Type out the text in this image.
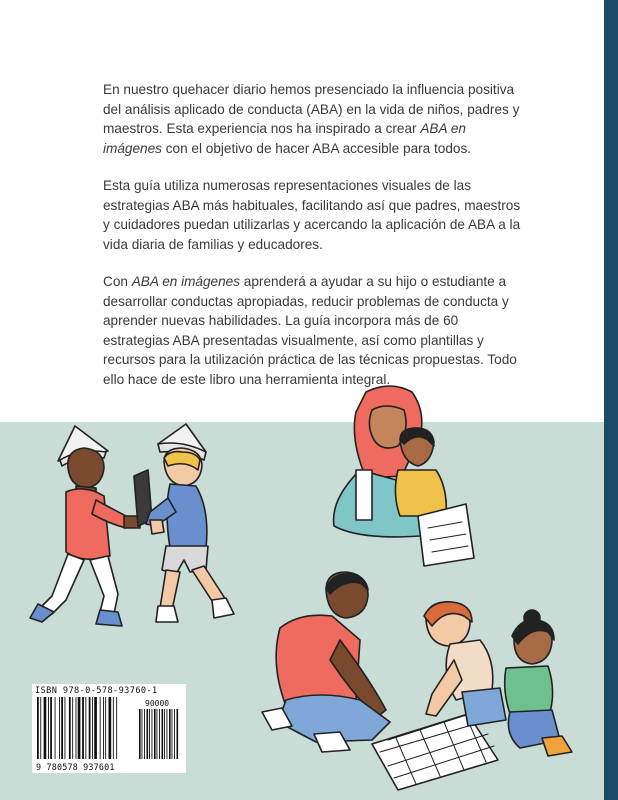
En nuestro quehacer diario hemos presenciado la influencia positiva del análisis aplicado de conducta (ABA) en la vida de niños, padres y maestros. Esta experiencia nos ha inspirado a crear ABA en imágenes con el objetivo de hacer ABA accesible para todos.

Esta guía utiliza numerosas representaciones visuales de las estrategias ABA más habituales, facilitando así que padres, maestros y cuidadores puedan utilizarlas y acercando la aplicación de ABA a la vida diaria de familias y educadores.

Con ABA en imágenes aprenderá a ayudar a su hijo o estudiante a desarrollar conductas apropiadas, reducir problemas de conducta y aprender nuevas habilidades. La guía incorpora más de 60 estrategias ABA presentadas visualmente, así como plantillas y recursos para la utilización práctica de las técnicas propuestas. Todo ello hace de este libro una herramienta integral.

ISBN 978-0-578-93760-1
90000
9 780578 937601
